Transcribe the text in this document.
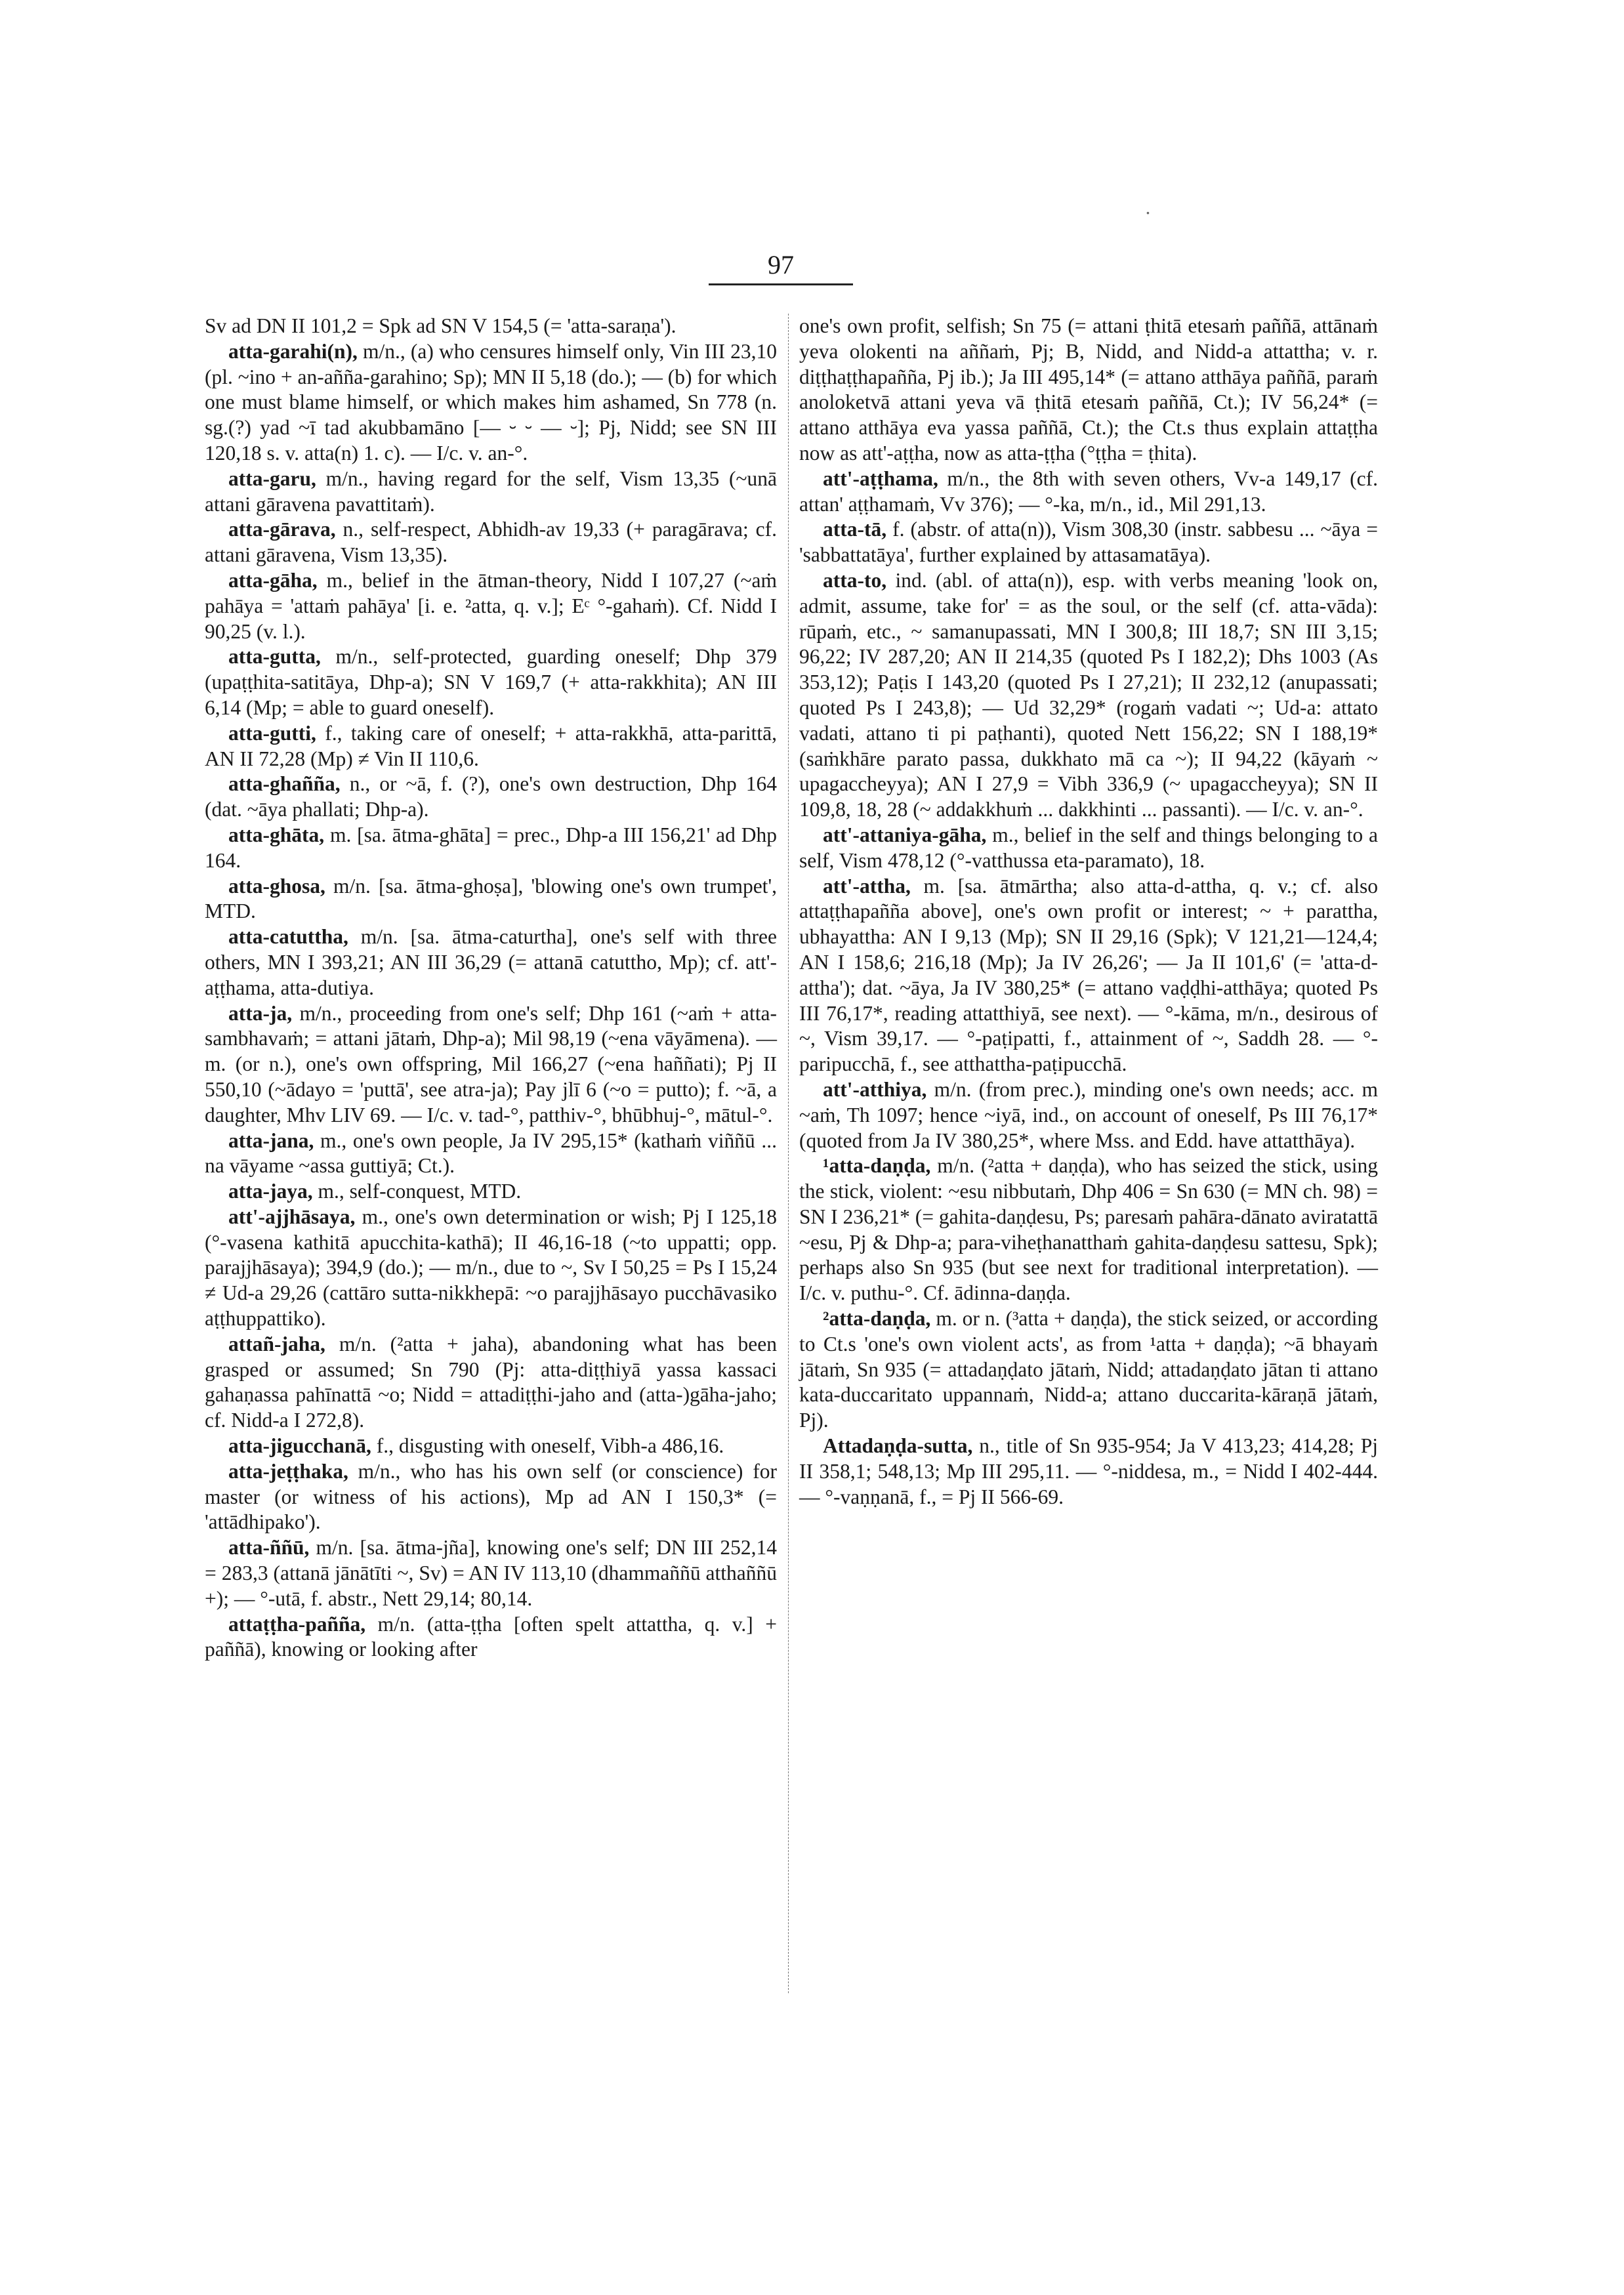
.
97

Sv ad DN II 101,2 = Spk ad SN V 154,5 (= 'atta-saraṇa').

atta-garahi(n), m/n., (a) who censures himself only, Vin III 23,10 (pl. ~ino + an-añña-garahino; Sp); MN II 5,18 (do.); — (b) for which one must blame himself, or which makes him ashamed, Sn 778 (n. sg.(?) yad ~ī tad akubbamāno [— ⏑ ⏑ — ⏑]; Pj, Nidd; see SN III 120,18 s. v. atta(n) 1. c). — I/c. v. an-°.

atta-garu, m/n., having regard for the self, Vism 13,35 (~unā attani gāravena pavattitaṁ).

atta-gārava, n., self-respect, Abhidh-av 19,33 (+ paragārava; cf. attani gāravena, Vism 13,35).

atta-gāha, m., belief in the ātman-theory, Nidd I 107,27 (~aṁ pahāya = 'attaṁ pahāya' [i. e. ²atta, q. v.]; Eᶜ °-gahaṁ). Cf. Nidd I 90,25 (v. l.).

atta-gutta, m/n., self-protected, guarding oneself; Dhp 379 (upaṭṭhita-satitāya, Dhp-a); SN V 169,7 (+ atta-rakkhita); AN III 6,14 (Mp; = able to guard oneself).

atta-gutti, f., taking care of oneself; + atta-rakkhā, atta-parittā, AN II 72,28 (Mp) ≠ Vin II 110,6.

atta-ghañña, n., or ~ā, f. (?), one's own destruction, Dhp 164 (dat. ~āya phallati; Dhp-a).

atta-ghāta, m. [sa. ātma-ghāta] = prec., Dhp-a III 156,21' ad Dhp 164.

atta-ghosa, m/n. [sa. ātma-ghoṣa], 'blowing one's own trumpet', MTD.

atta-catuttha, m/n. [sa. ātma-caturtha], one's self with three others, MN I 393,21; AN III 36,29 (= attanā catuttho, Mp); cf. att'-aṭṭhama, atta-dutiya.

atta-ja, m/n., proceeding from one's self; Dhp 161 (~aṁ + atta-sambhavaṁ; = attani jātaṁ, Dhp-a); Mil 98,19 (~ena vāyāmena). — m. (or n.), one's own offspring, Mil 166,27 (~ena haññati); Pj II 550,10 (~ādayo = 'puttā', see atra-ja); Pay jlī 6 (~o = putto); f. ~ā, a daughter, Mhv LIV 69. — I/c. v. tad-°, patthiv-°, bhūbhuj-°, mātul-°.

atta-jana, m., one's own people, Ja IV 295,15* (kathaṁ viññū ... na vāyame ~assa guttiyā; Ct.).

atta-jaya, m., self-conquest, MTD.

att'-ajjhāsaya, m., one's own determination or wish; Pj I 125,18 (°-vasena kathitā apucchita-kathā); II 46,16-18 (~to uppatti; opp. parajjhāsaya); 394,9 (do.); — m/n., due to ~, Sv I 50,25 = Ps I 15,24 ≠ Ud-a 29,26 (cattāro sutta-nikkhepā: ~o parajjhāsayo pucchāvasiko aṭṭhuppattiko).

attañ-jaha, m/n. (²atta + jaha), abandoning what has been grasped or assumed; Sn 790 (Pj: atta-diṭṭhiyā yassa kassaci gahaṇassa pahīnattā ~o; Nidd = attadiṭṭhi-jaho and (atta-)gāha-jaho; cf. Nidd-a I 272,8).

atta-jigucchanā, f., disgusting with oneself, Vibh-a 486,16.

atta-jeṭṭhaka, m/n., who has his own self (or conscience) for master (or witness of his actions), Mp ad AN I 150,3* (= 'attādhipako').

atta-ññū, m/n. [sa. ātma-jña], knowing one's self; DN III 252,14 = 283,3 (attanā jānātīti ~, Sv) = AN IV 113,10 (dhammaññū atthaññū +); — °-utā, f. abstr., Nett 29,14; 80,14.

attaṭṭha-pañña, m/n. (atta-ṭṭha [often spelt attattha, q. v.] + paññā), knowing or looking after

one's own profit, selfish; Sn 75 (= attani ṭhitā etesaṁ paññā, attānaṁ yeva olokenti na aññaṁ, Pj; B, Nidd, and Nidd-a attattha; v. r. diṭṭhaṭṭhapañña, Pj ib.); Ja III 495,14* (= attano atthāya paññā, paraṁ anoloketvā attani yeva vā ṭhitā etesaṁ paññā, Ct.); IV 56,24* (= attano atthāya eva yassa paññā, Ct.); the Ct.s thus explain attaṭṭha now as att'-aṭṭha, now as atta-ṭṭha (°ṭṭha = ṭhita).

att'-aṭṭhama, m/n., the 8th with seven others, Vv-a 149,17 (cf. attan' aṭṭhamaṁ, Vv 376); — °-ka, m/n., id., Mil 291,13.

atta-tā, f. (abstr. of atta(n)), Vism 308,30 (instr. sabbesu ... ~āya = 'sabbattatāya', further explained by attasamatāya).

atta-to, ind. (abl. of atta(n)), esp. with verbs meaning 'look on, admit, assume, take for' = as the soul, or the self (cf. atta-vāda): rūpaṁ, etc., ~ samanupassati, MN I 300,8; III 18,7; SN III 3,15; 96,22; IV 287,20; AN II 214,35 (quoted Ps I 182,2); Dhs 1003 (As 353,12); Paṭis I 143,20 (quoted Ps I 27,21); II 232,12 (anupassati; quoted Ps I 243,8); — Ud 32,29* (rogaṁ vadati ~; Ud-a: attato vadati, attano ti pi paṭhanti), quoted Nett 156,22; SN I 188,19* (saṁkhāre parato passa, dukkhato mā ca ~); II 94,22 (kāyaṁ ~ upagaccheyya); AN I 27,9 = Vibh 336,9 (~ upagaccheyya); SN II 109,8, 18, 28 (~ addakkhuṁ ... dakkhinti ... passanti). — I/c. v. an-°.

att'-attaniya-gāha, m., belief in the self and things belonging to a self, Vism 478,12 (°-vatthussa eta-paramato), 18.

att'-attha, m. [sa. ātmārtha; also atta-d-attha, q. v.; cf. also attaṭṭhapañña above], one's own profit or interest; ~ + parattha, ubhayattha: AN I 9,13 (Mp); SN II 29,16 (Spk); V 121,21—124,4; AN I 158,6; 216,18 (Mp); Ja IV 26,26'; — Ja II 101,6' (= 'atta-d-attha'); dat. ~āya, Ja IV 380,25* (= attano vaḍḍhi-atthāya; quoted Ps III 76,17*, reading attatthiyā, see next). — °-kāma, m/n., desirous of ~, Vism 39,17. — °-paṭipatti, f., attainment of ~, Saddh 28. — °-paripucchā, f., see atthattha-paṭipucchā.

att'-atthiya, m/n. (from prec.), minding one's own needs; acc. m ~aṁ, Th 1097; hence ~iyā, ind., on account of oneself, Ps III 76,17* (quoted from Ja IV 380,25*, where Mss. and Edd. have attatthāya).

¹atta-daṇḍa, m/n. (²atta + daṇḍa), who has seized the stick, using the stick, violent: ~esu nibbutaṁ, Dhp 406 = Sn 630 (= MN ch. 98) = SN I 236,21* (= gahita-daṇḍesu, Ps; paresaṁ pahāra-dānato aviratattā ~esu, Pj & Dhp-a; para-viheṭhanatthaṁ gahita-daṇḍesu sattesu, Spk); perhaps also Sn 935 (but see next for traditional interpretation). — I/c. v. puthu-°. Cf. ādinna-daṇḍa.

²atta-daṇḍa, m. or n. (³atta + daṇḍa), the stick seized, or according to Ct.s 'one's own violent acts', as from ¹atta + daṇḍa); ~ā bhayaṁ jātaṁ, Sn 935 (= attadaṇḍato jātaṁ, Nidd; attadaṇḍato jātan ti attano kata-duccaritato uppannaṁ, Nidd-a; attano duccarita-kāraṇā jātaṁ, Pj).

Attadaṇḍa-sutta, n., title of Sn 935-954; Ja V 413,23; 414,28; Pj II 358,1; 548,13; Mp III 295,11. — °-niddesa, m., = Nidd I 402-444. — °-vaṇṇanā, f., = Pj II 566-69.
